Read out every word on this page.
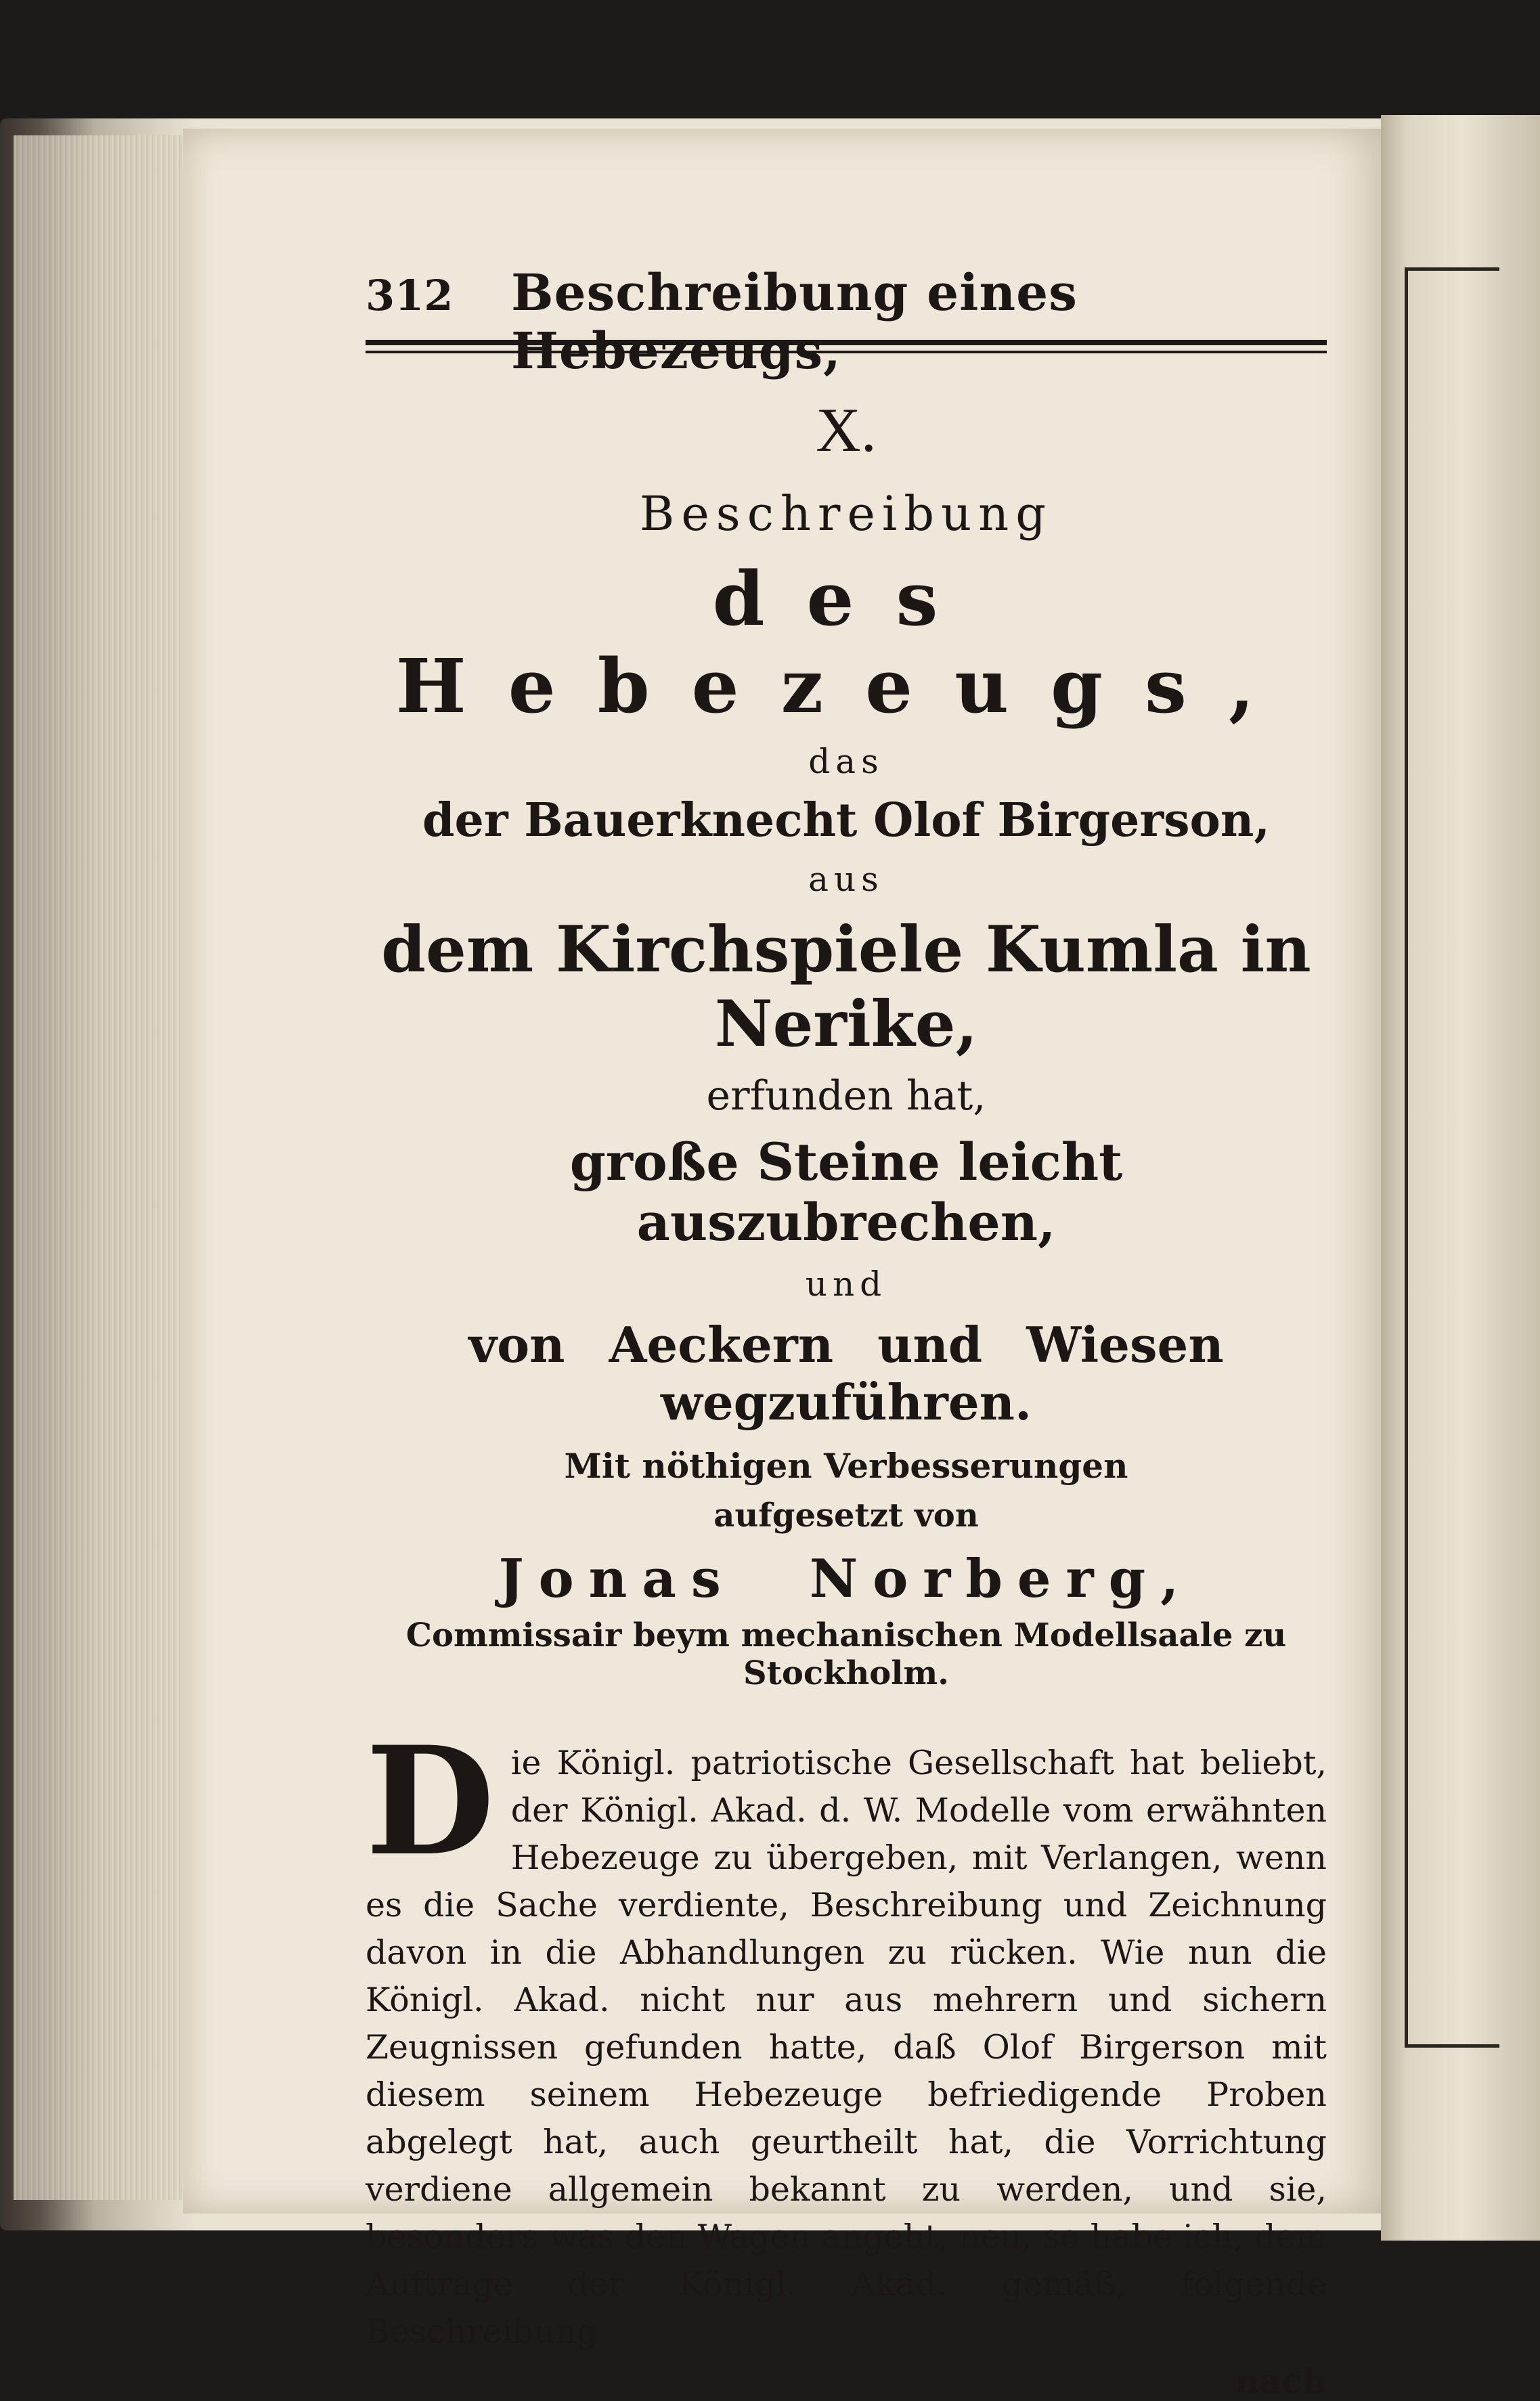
312 Beschreibung eines Hebezeugs,
X.
Beschreibung
des Hebezeugs,
das
der Bauerknecht Olof Birgerson,
aus
dem Kirchspiele Kumla in Nerike,
erfunden hat,
große Steine leicht auszubrechen,
und
von Aeckern und Wiesen wegzuführen.
Mit nöthigen Verbesserungen
aufgesetzt von
Jonas Norberg,
Commissair beym mechanischen Modellsaale zu Stockholm.
D ie Königl. patriotische Gesellschaft hat beliebt, der Königl. Akad. d. W. Modelle vom erwähnten Hebezeuge zu übergeben, mit Verlangen, wenn es die Sache verdiente, Beschreibung und Zeichnung davon in die Abhandlungen zu rücken. Wie nun die Königl. Akad. nicht nur aus mehrern und sichern Zeugnissen gefunden hatte, daß Olof Birgerson mit diesem seinem Hebezeuge befriedigende Proben abgelegt hat, auch geurtheilt hat, die Vorrichtung verdiene allgemein bekannt zu werden, und sie, besonders was den Wagen angeht, neu, so habe ich, dem Auftrage der Königl. Akad. gemäß, folgende Beschreibung
nach
